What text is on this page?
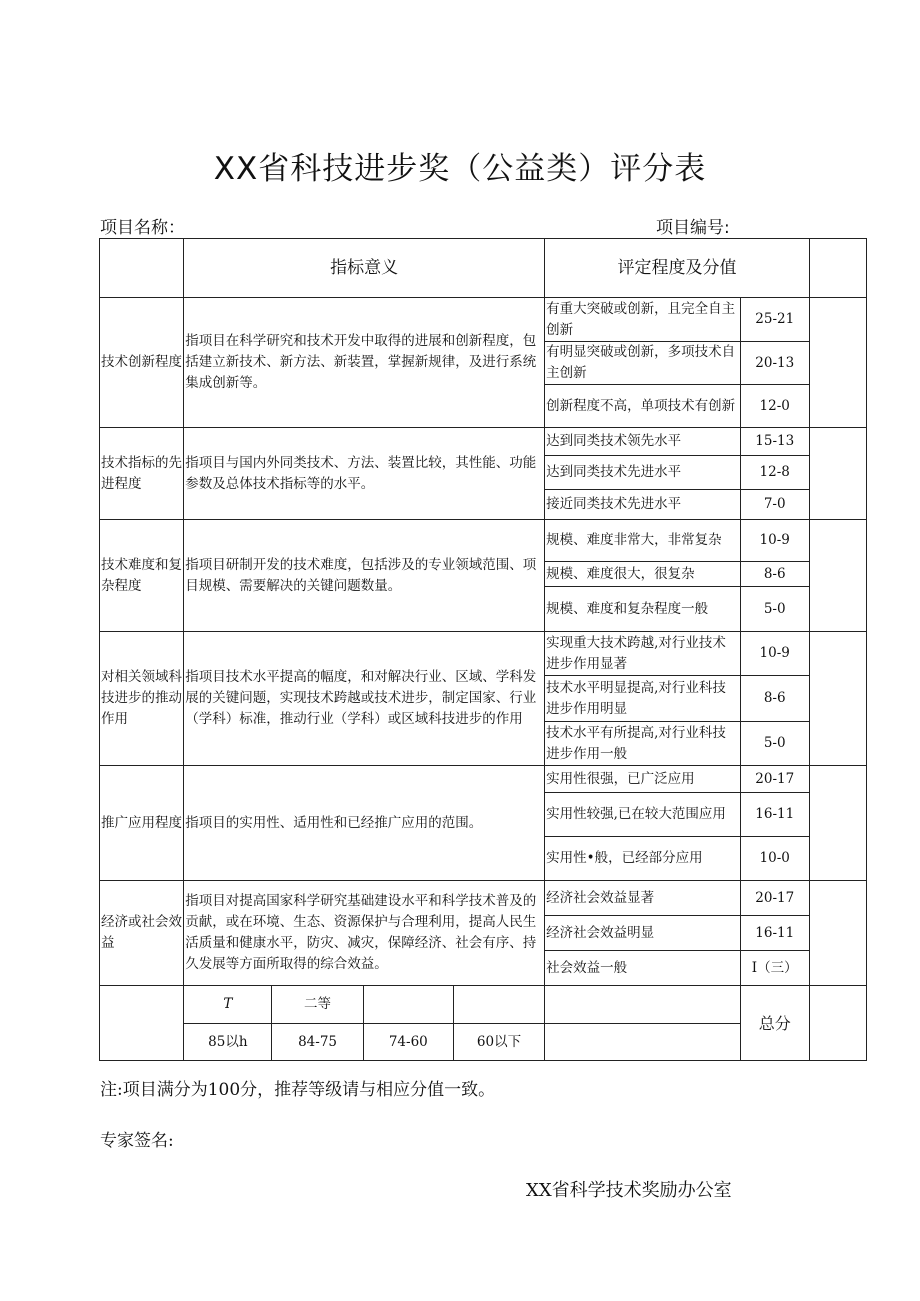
XX省科技进步奖（公益类）评分表
项目名称：	项目编号:
	指标意义				评定程度及分值		
技术创新程度	指项目在科学研究和技术开发中取得的进展和创新程度，包括建立新技术、新方法、新装置，掌握新规律，及进行系统集成创新等。				有重大突破或创新，且完全自主创新	25-21	
					有明显突破或创新，多项技术自主创新	20-13	
					创新程度不高，单项技术有创新	12-0	
技术指标的先进程度	指项目与国内外同类技术、方法、装置比较，其性能、功能参数及总体技术指标等的水平。				达到同类技术领先水平	15-13	
					达到同类技术先进水平	12-8	
					接近同类技术先进水平	7-0	
技术难度和复杂程度	指项目研制开发的技术难度，包括涉及的专业领域范围、项目规模、需要解决的关键问题数量。				规模、难度非常大，非常复杂	10-9	
					规模、难度很大，很复杂	8-6	
					规模、难度和复杂程度一般	5-0	
对相关领域科技进步的推动作用	指项目技术水平提高的幅度，和对解决行业、区域、学科发展的关键问题，实现技术跨越或技术进步，制定国家、行业（学科）标准，推动行业（学科）或区域科技进步的作用				实现重大技术跨越,对行业技术进步作用显著	10-9	
					技术水平明显提高,对行业科技进步作用明显	8-6	
					技术水平有所提高,对行业科技进步作用一般	5-0	
推广应用程度	指项目的实用性、适用性和已经推广应用的范围。				实用性很强，已广泛应用	20-17	
					实用性较强,已在较大范围应用	16-11	
					实用性•般，已经部分应用	10-0	
经济或社会效益	指项目对提高国家科学研究基础建设水平和科学技术普及的贡献，或在环境、生态、资源保护与合理利用，提高人民生活质量和健康水平，防灾、减灾，保障经济、社会有序、持久发展等方面所取得的综合效益。				经济社会效益显著	20-17	
					经济社会效益明显	16-11	
					社会效益一般	I（三）	
	T	二等				总分	
	85以h	84-75	74-60	60以下			
注:项目满分为100分，推荐等级请与相应分值一致。
专家签名:
XX省科学技术奖励办公室
